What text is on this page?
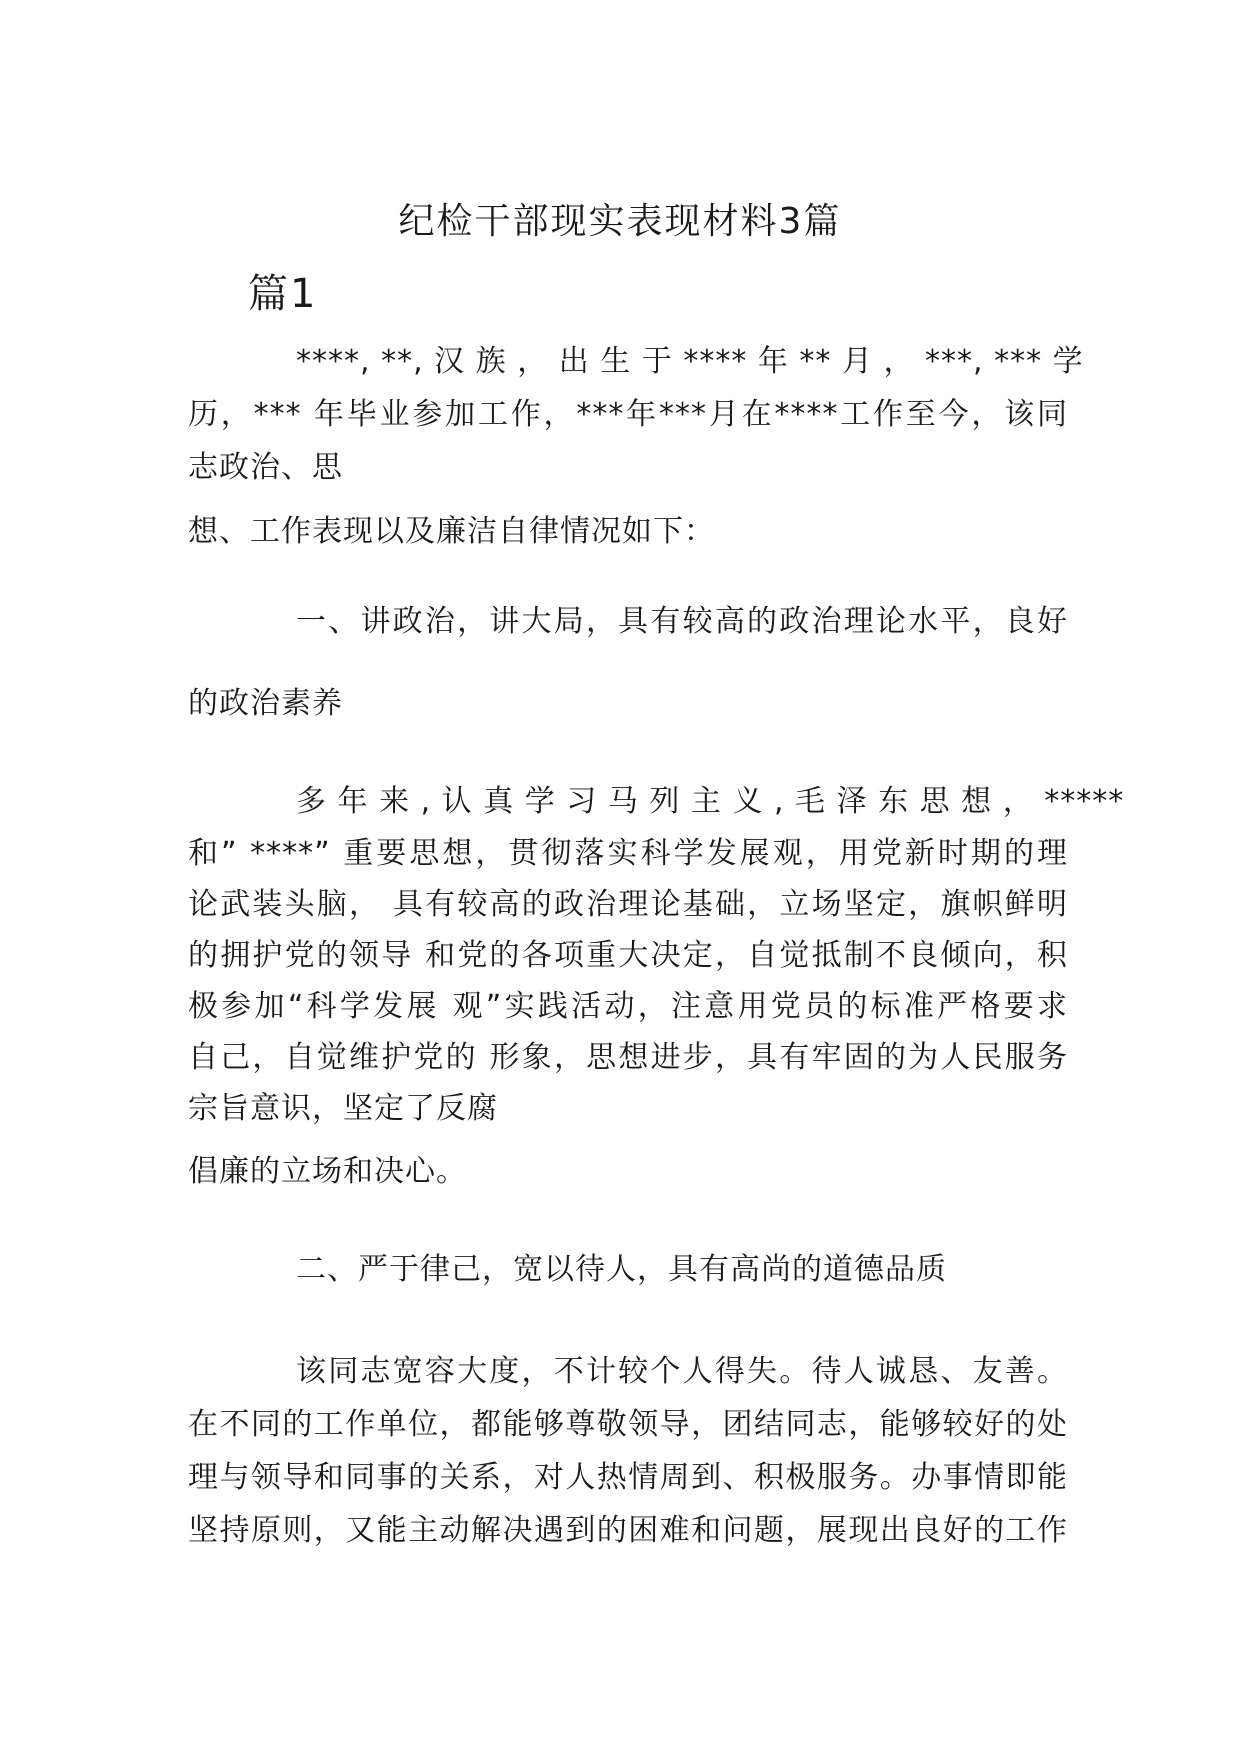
纪检干部现实表现材料3篇
篇1
****, **, 汉 族 ， 出 生 于 **** 年 ** 月 ， ***, *** 学
历，*** 年毕业参加工作，***年***月在****工作至今，该同
志政治、思
想、工作表现以及廉洁自律情况如下：
一、讲政治，讲大局，具有较高的政治理论水平，良好
的政治素养
多 年 来 , 认 真 学 习 马 列 主 义 , 毛 泽 东 思 想 ， *****
和” ****” 重要思想，贯彻落实科学发展观，用党新时期的理
论武装头脑， 具有较高的政治理论基础，立场坚定，旗帜鲜明
的拥护党的领导 和党的各项重大决定，自觉抵制不良倾向，积
极参加“科学发展 观”实践活动，注意用党员的标准严格要求
自己，自觉维护党的 形象，思想进步，具有牢固的为人民服务
宗旨意识，坚定了反腐
倡廉的立场和决心。
二、严于律己，宽以待人，具有高尚的道德品质
该同志宽容大度，不计较个人得失。待人诚恳、友善。
在不同的工作单位，都能够尊敬领导，团结同志，能够较好的处
理与领导和同事的关系，对人热情周到、积极服务。办事情即能
坚持原则，又能主动解决遇到的困难和问题，展现出良好的工作
